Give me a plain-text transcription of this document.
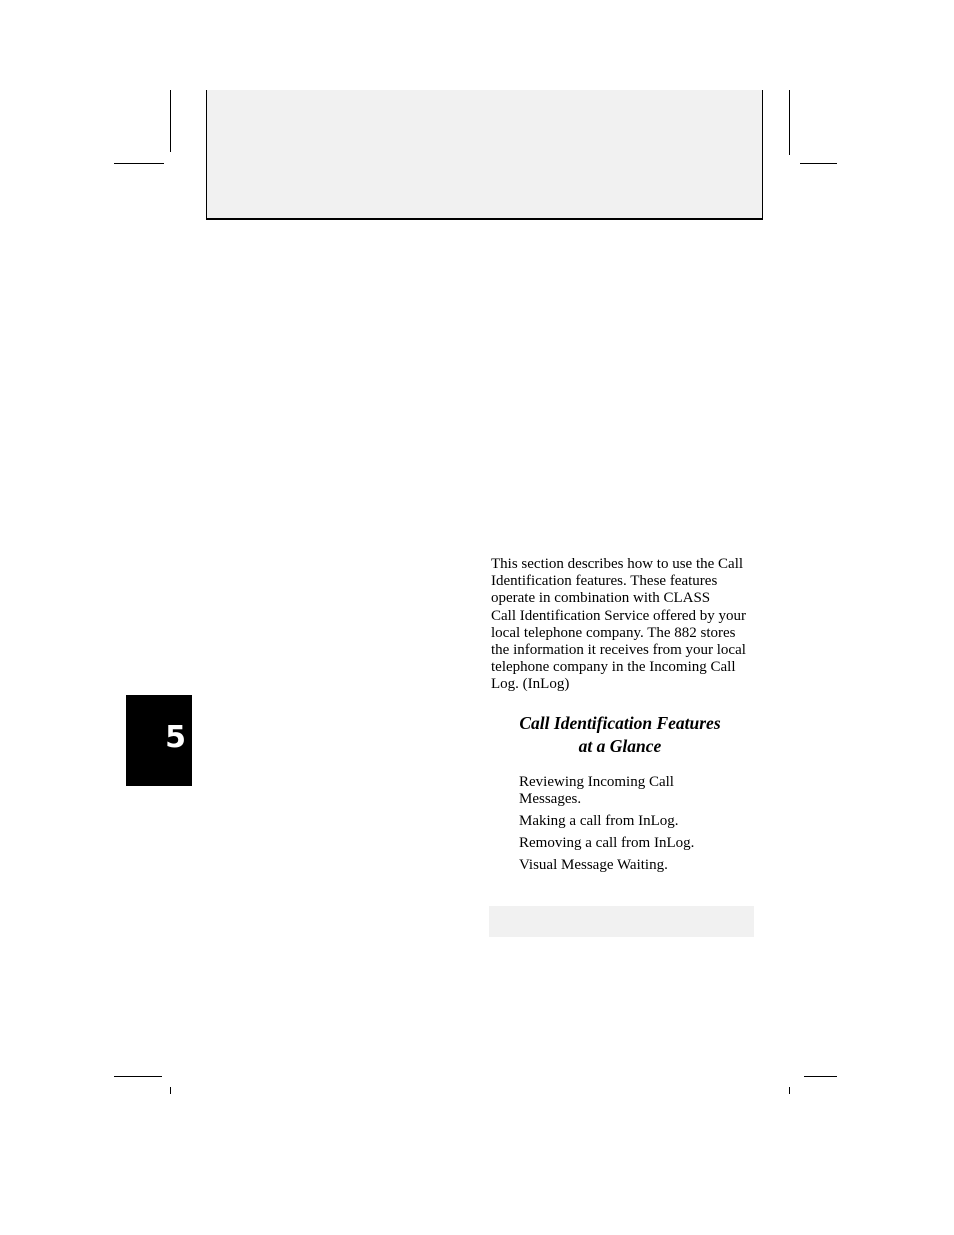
This section describes how to use the Call
Identification features. These features
operate in combination with CLASS
Call Identification Service offered by your
local telephone company. The 882 stores
the information it receives from your local
telephone company in the Incoming Call
Log. (InLog)
Call Identification Features
at a Glance
Reviewing Incoming Call
Messages.
Making a call from InLog.
Removing a call from InLog.
Visual Message Waiting.
5
